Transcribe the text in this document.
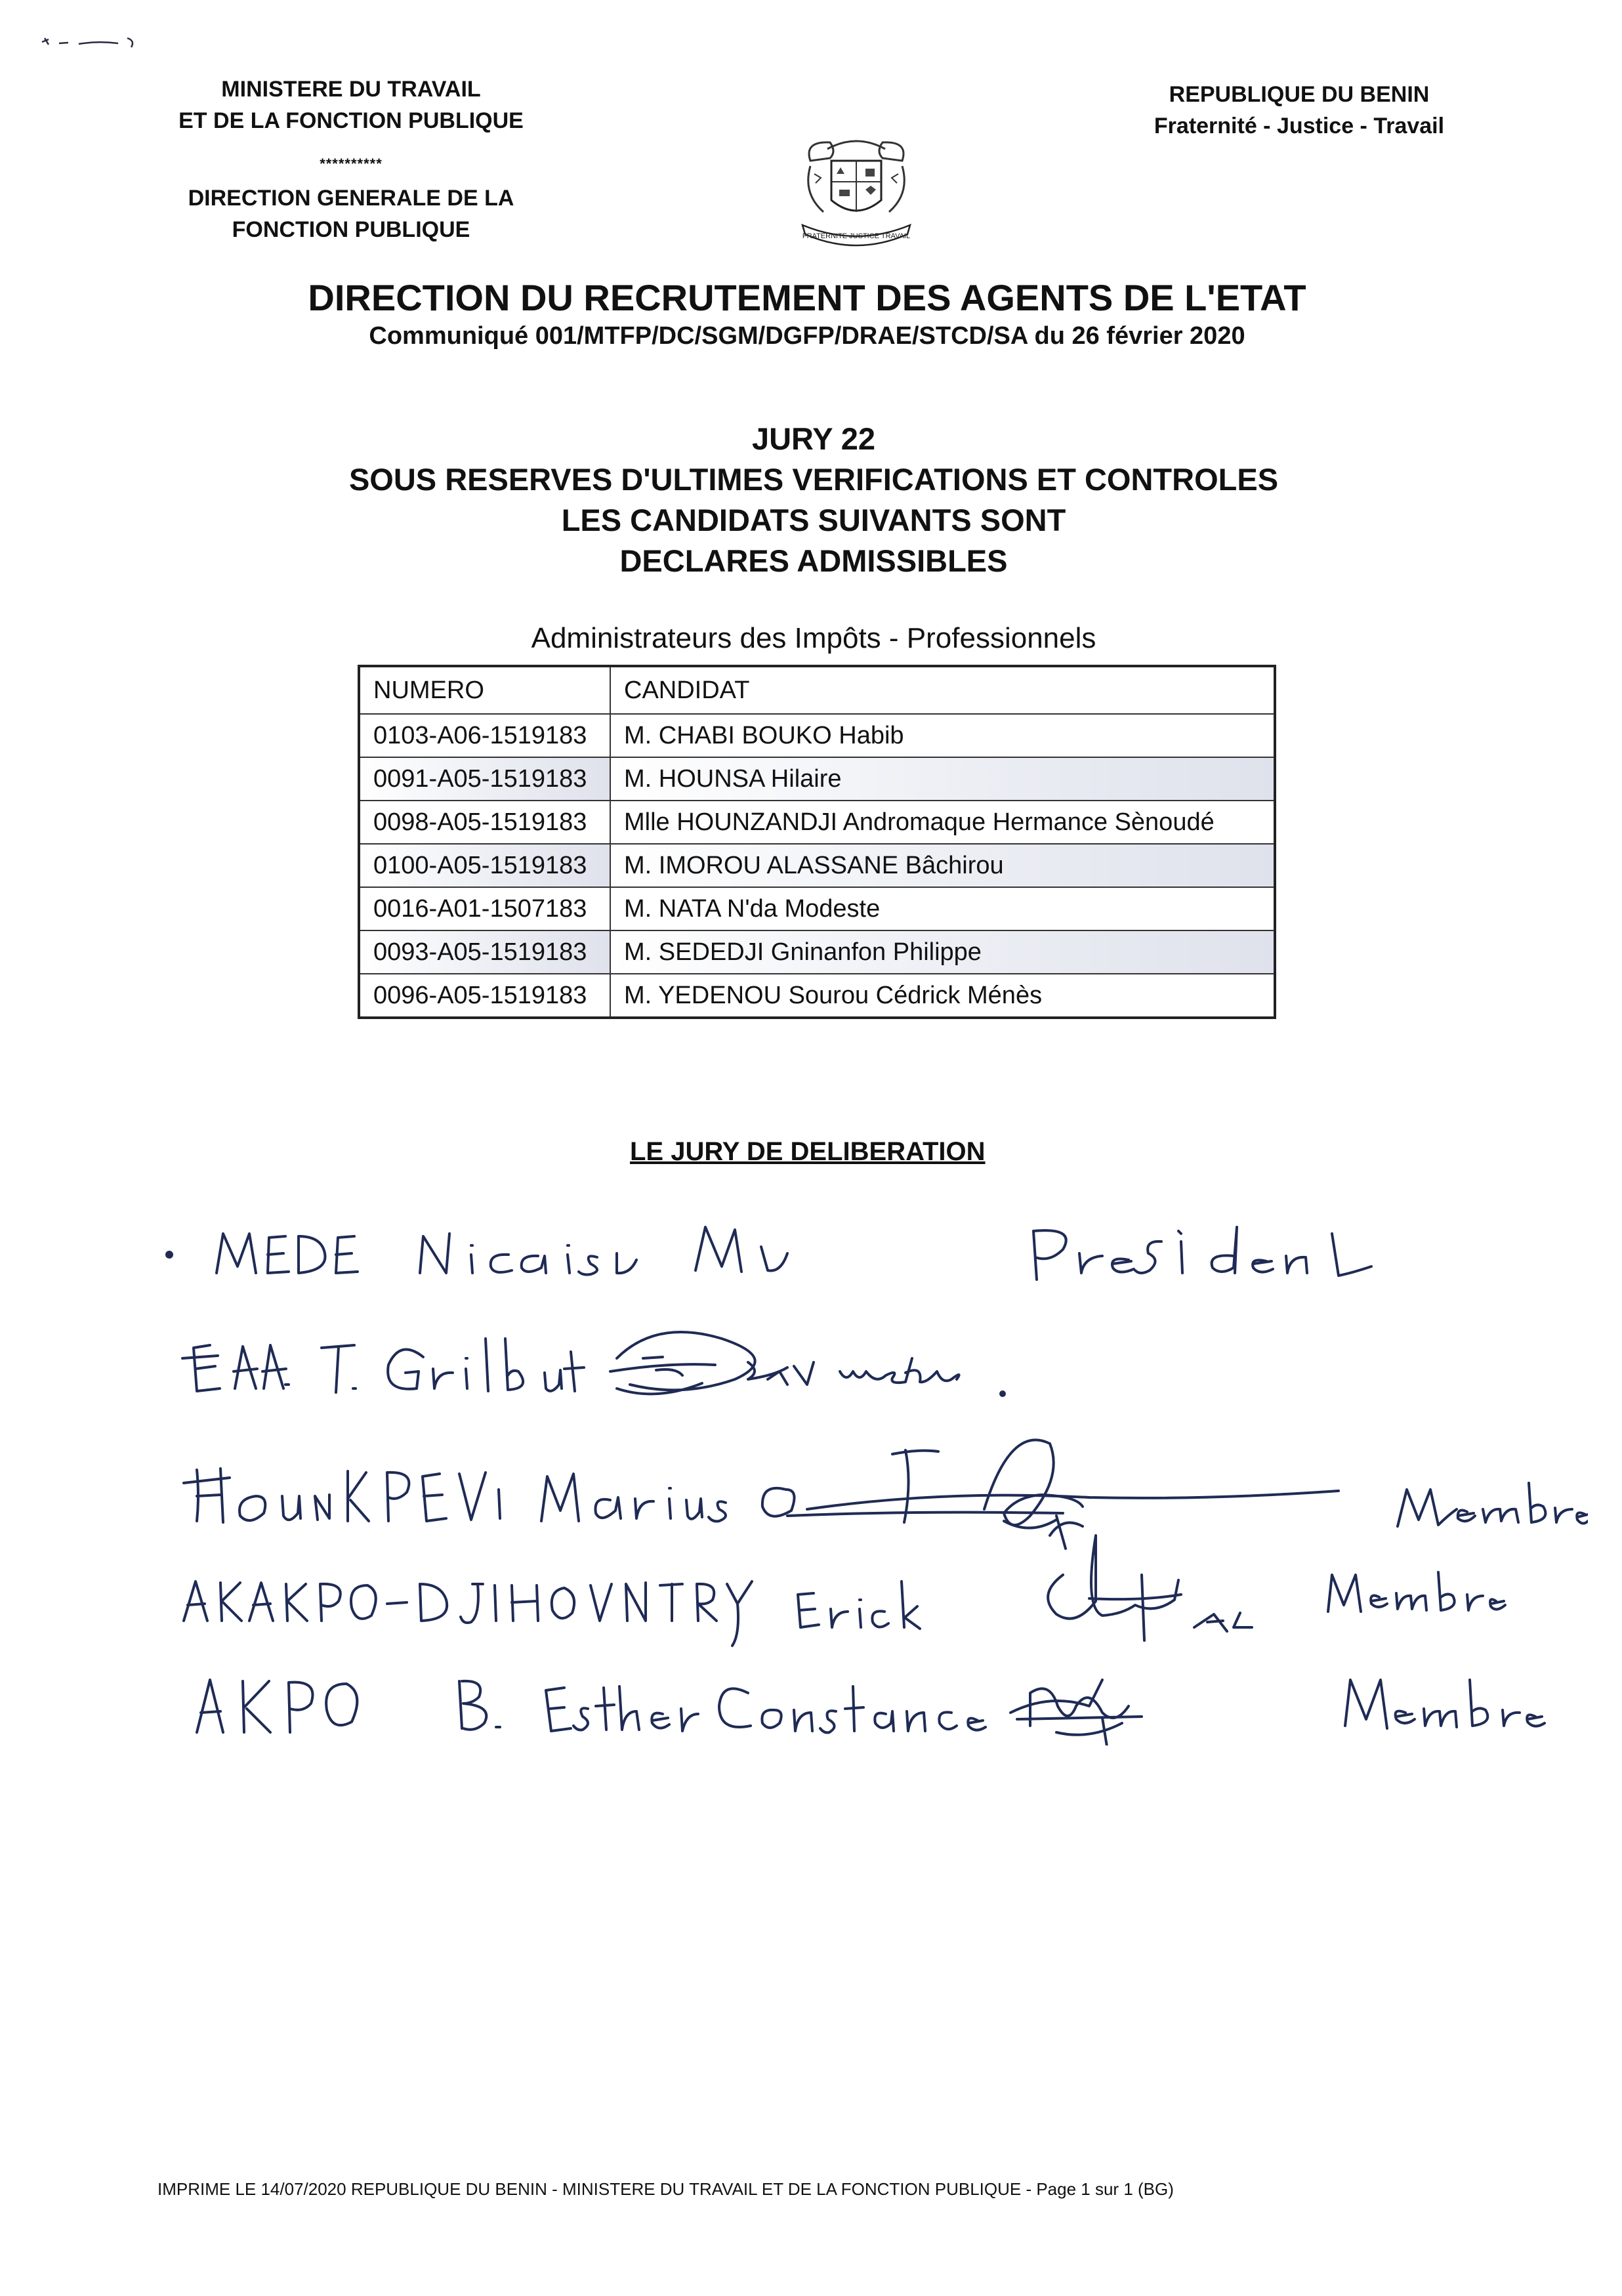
MINISTERE DU TRAVAIL
ET DE LA FONCTION PUBLIQUE
**********
DIRECTION GENERALE DE LA
FONCTION PUBLIQUE
REPUBLIQUE DU BENIN
Fraternité - Justice - Travail
FRATERNITE JUSTICE TRAVAIL
DIRECTION DU RECRUTEMENT DES AGENTS DE L'ETAT
Communiqué 001/MTFP/DC/SGM/DGFP/DRAE/STCD/SA du 26 février 2020
JURY 22
SOUS RESERVES D'ULTIMES VERIFICATIONS ET CONTROLES
LES CANDIDATS SUIVANTS SONT
DECLARES ADMISSIBLES
Administrateurs des Impôts - Professionnels
NUMERO	CANDIDAT
0103-A06-1519183	M. CHABI BOUKO Habib
0091-A05-1519183	M. HOUNSA Hilaire
0098-A05-1519183	Mlle HOUNZANDJI Andromaque Hermance Sènoudé
0100-A05-1519183	M. IMOROU ALASSANE Bâchirou
0016-A01-1507183	M. NATA N'da Modeste
0093-A05-1519183	M. SEDEDJI Gninanfon Philippe
0096-A05-1519183	M. YEDENOU Sourou Cédrick Ménès
LE JURY DE DELIBERATION
IMPRIME LE 14/07/2020 REPUBLIQUE DU BENIN - MINISTERE DU TRAVAIL ET DE LA FONCTION PUBLIQUE - Page 1 sur 1 (BG)
